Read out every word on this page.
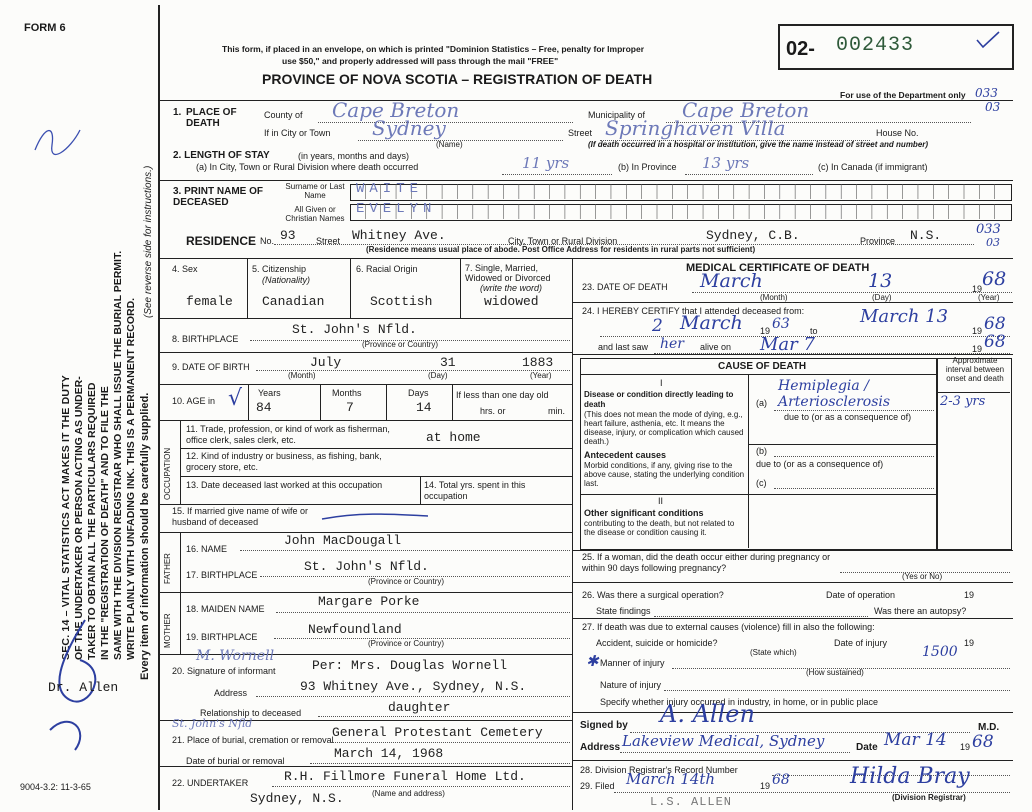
FORM 6
SEC. 14 – VITAL STATISTICS ACT MAKES IT THE DUTY OF THE UNDERTAKER OR PERSON ACTING AS UNDER- TAKER TO OBTAIN ALL THE PARTICULARS REQUIRED IN THE "REGISTRATION OF DEATH" AND TO FILE THE SAME WITH THE DIVISION REGISTRAR WHO SHALL ISSUE THE BURIAL PERMIT. WRITE PLAINLY WITH UNFADING INK. THIS IS A PERMANENT RECORD. Every item of information should be carefully supplied.
(See reverse side for instructions.)
Dr. Allen
9004-3.2: 11-3-65
This form, if placed in an envelope, on which is printed "Dominion Statistics – Free, penalty for Improper
use $50," and properly addressed will pass through the mail "FREE"
PROVINCE OF NOVA SCOTIA – REGISTRATION OF DEATH
02- 002433
For use of the Department only 033
03
1. PLACE OF DEATH
County of Cape Breton	Municipality of Cape Breton
If in City or Town Sydney
(Name)
Street Springhaven Villa	House No.
(If death occurred in a hospital or institution, give the name instead of street and number)
2. LENGTH OF STAY	(in years, months and days)
(a) In City, Town or Rural Division where death occurred	11 yrs	(b) In Province 13 yrs	(c) In Canada (if immigrant)
3. PRINT NAME OF DECEASED
Surname or Last Name
All Given or Christian Names
WAITE
EVELYN
RESIDENCE No. 93 Street Whitney Ave.	City, Town or Rural Division	Sydney, C.B.	Province N.S.	033
03
(Residence means usual place of abode. Post Office Address for residents in rural parts not sufficient)
4. Sex
female
5. Citizenship
(Nationality)
Canadian
6. Racial Origin
Scottish
7. Single, Married, Widowed or Divorced
(write the word)
widowed
8. BIRTHPLACE
St. John's Nfld.
(Province or Country)
9. DATE OF BIRTH	July	31	1883
(Month)	(Day)	(Year)
10. AGE in √ Years	Months	Days
84	7	14
If less than one day old
hrs. or	min.
OCCUPATION
11. Trade, profession, or kind of work as fisherman, office clerk, sales clerk, etc.	at home
12. Kind of industry or business, as fishing, bank, grocery store, etc.
13. Date deceased last worked at this occupation	14. Total yrs. spent in this occupation
15. If married give name of wife or husband of deceased
FATHER
16. NAME
John MacDougall
17. BIRTHPLACE
St. John's Nfld.
(Province or Country)
MOTHER
18. MAIDEN NAME	Margare Porke
19. BIRTHPLACE	Newfoundland
(Province or Country)
20. Signature of informant
M. Wornell
Per: Mrs. Douglas Wornell
Address	93 Whitney Ave., Sydney, N.S.
Relationship to deceased	daughter
St. John's Nfld
21. Place of burial, cremation or removal
General Protestant Cemetery
Date of burial or removal	March 14, 1968
22. UNDERTAKER	R.H. Fillmore Funeral Home Ltd.
Sydney, N.S.	(Name and address)
MEDICAL CERTIFICATE OF DEATH
23. DATE OF DEATH March	13	19 68
(Month)	(Day)	(Year)
24. I HEREBY CERTIFY that I attended deceased from:
2 March 19 63 to
March 13
19 68
and last saw her alive on Mar 7	19 68
CAUSE OF DEATH
Approximate interval between onset and death
I
Disease or condition directly leading to death
(This does not mean the mode of dying, e.g., heart failure, asthenia, etc. It means the disease, injury, or complication which caused death.)
(a)
Hemiplegia / Arteriosclerosis	2-3 yrs
due to (or as a consequence of)
Antecedent causes
Morbid conditions, if any, giving rise to the above cause, stating the underlying condition last.
(b)
due to (or as a consequence of)
(c)
II
Other significant conditions
contributing to the death, but not related to the disease or condition causing it.
25. If a woman, did the death occur either during pregnancy or within 90 days following pregnancy?
(Yes or No)
26. Was there a surgical operation?	Date of operation	19
State findings	Was there an autopsy?
27. If death was due to external causes (violence) fill in also the following:
Accident, suicide or homicide?	Date of injury	19
(State which)	1500
✱ Manner of injury
(How sustained)
Nature of injury
Specify whether injury occurred in industry, in home, or in public place
Signed by A. Allen	M.D.
Address Lakeview Medical, Sydney	Date Mar 14 19 68
28. Division Registrar's Record Number
29. Filed March 14th	19 68	Hilda Bray
(Division Registrar)
L.S. ALLEN
